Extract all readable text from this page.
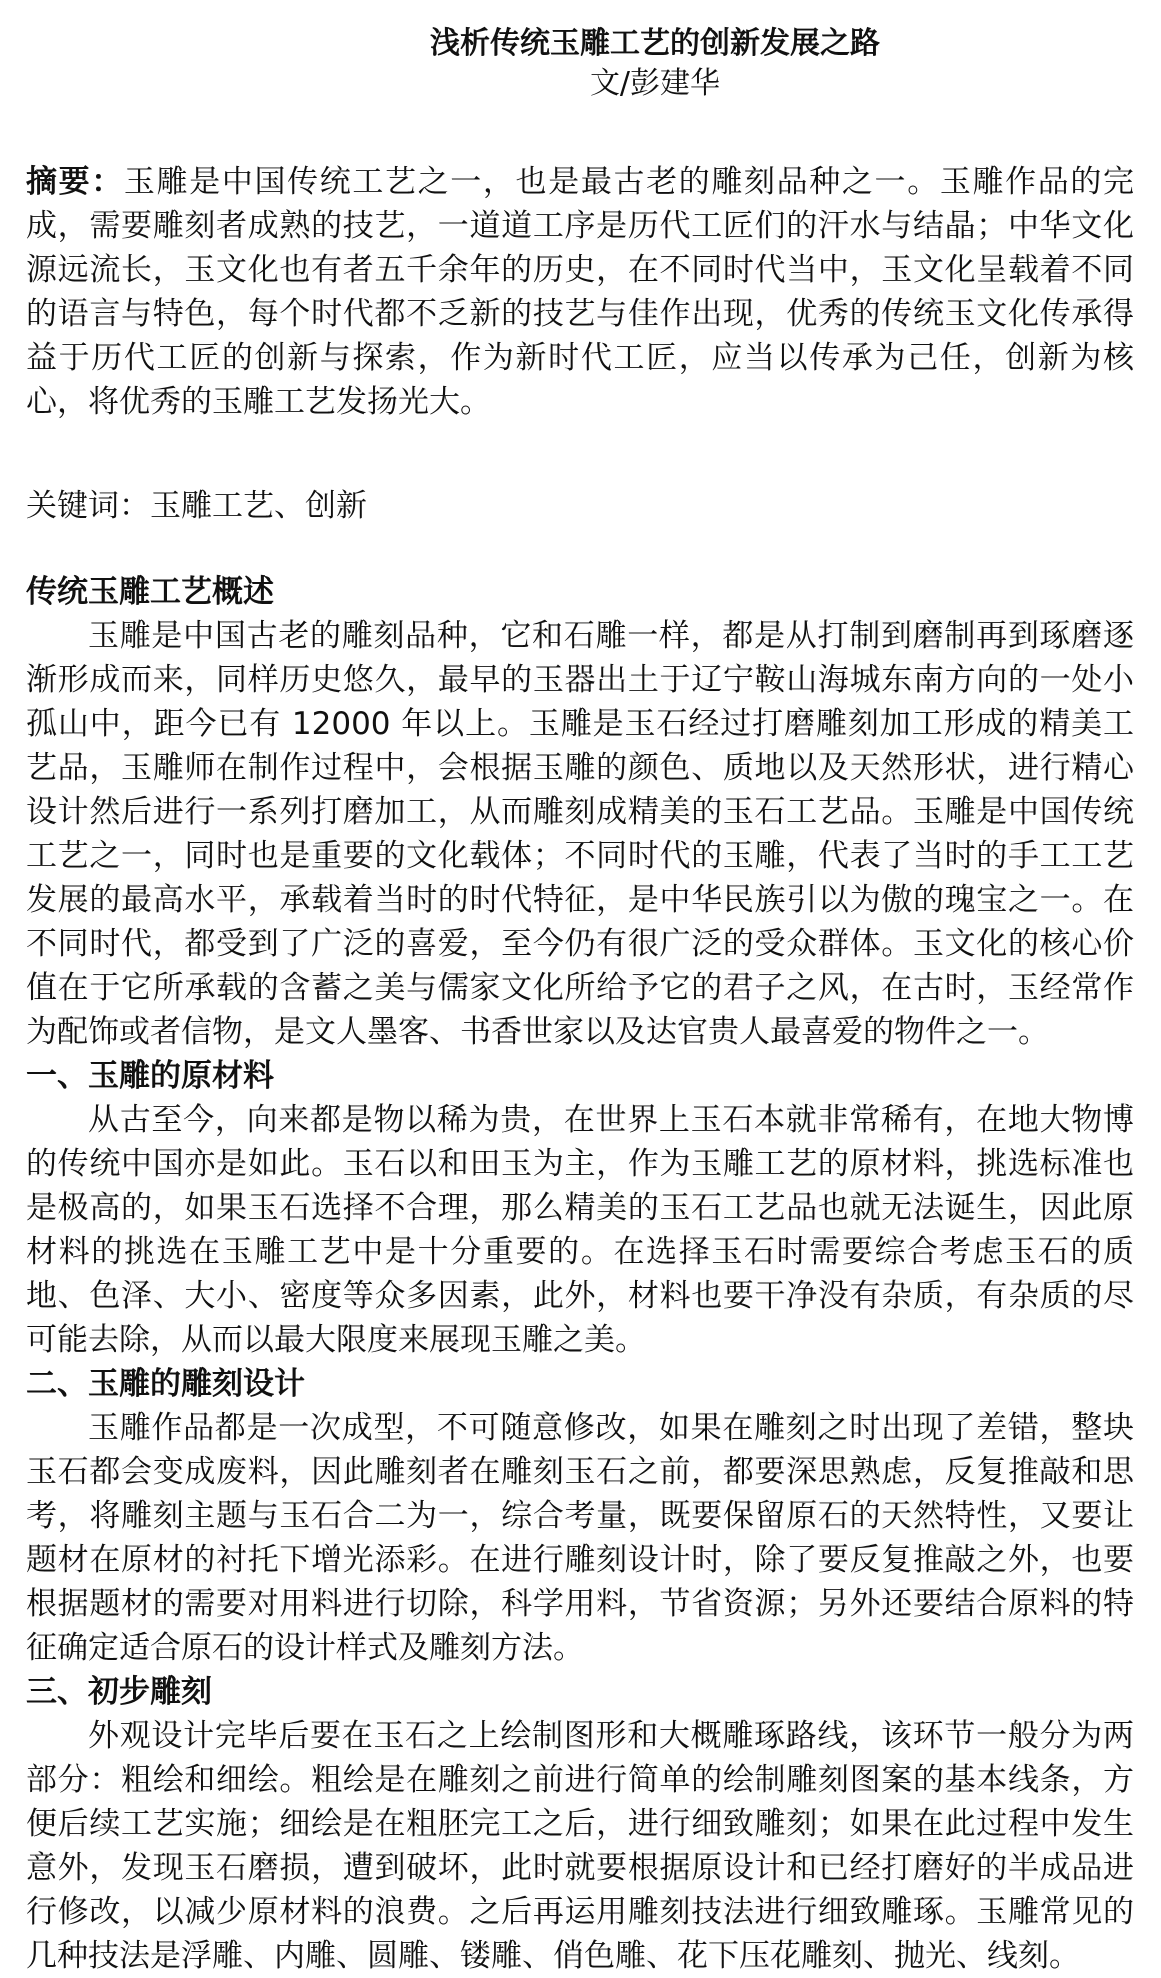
浅析传统玉雕工艺的创新发展之路
文/彭建华

摘要：玉雕是中国传统工艺之一，也是最古老的雕刻品种之一。玉雕作品的完成，需要雕刻者成熟的技艺，一道道工序是历代工匠们的汗水与结晶；中华文化源远流长，玉文化也有者五千余年的历史，在不同时代当中，玉文化呈载着不同的语言与特色，每个时代都不乏新的技艺与佳作出现，优秀的传统玉文化传承得益于历代工匠的创新与探索，作为新时代工匠，应当以传承为己任，创新为核心，将优秀的玉雕工艺发扬光大。

关键词：玉雕工艺、创新

传统玉雕工艺概述

玉雕是中国古老的雕刻品种，它和石雕一样，都是从打制到磨制再到琢磨逐渐形成而来，同样历史悠久，最早的玉器出土于辽宁鞍山海城东南方向的一处小孤山中，距今已有 12000 年以上。玉雕是玉石经过打磨雕刻加工形成的精美工艺品，玉雕师在制作过程中，会根据玉雕的颜色、质地以及天然形状，进行精心设计然后进行一系列打磨加工，从而雕刻成精美的玉石工艺品。玉雕是中国传统工艺之一，同时也是重要的文化载体；不同时代的玉雕，代表了当时的手工工艺发展的最高水平，承载着当时的时代特征，是中华民族引以为傲的瑰宝之一。在不同时代，都受到了广泛的喜爱，至今仍有很广泛的受众群体。玉文化的核心价值在于它所承载的含蓄之美与儒家文化所给予它的君子之风，在古时，玉经常作为配饰或者信物，是文人墨客、书香世家以及达官贵人最喜爱的物件之一。

一、玉雕的原材料

从古至今，向来都是物以稀为贵，在世界上玉石本就非常稀有，在地大物博的传统中国亦是如此。玉石以和田玉为主，作为玉雕工艺的原材料，挑选标准也是极高的，如果玉石选择不合理，那么精美的玉石工艺品也就无法诞生，因此原材料的挑选在玉雕工艺中是十分重要的。在选择玉石时需要综合考虑玉石的质地、色泽、大小、密度等众多因素，此外，材料也要干净没有杂质，有杂质的尽可能去除，从而以最大限度来展现玉雕之美。

二、玉雕的雕刻设计

玉雕作品都是一次成型，不可随意修改，如果在雕刻之时出现了差错，整块玉石都会变成废料，因此雕刻者在雕刻玉石之前，都要深思熟虑，反复推敲和思考，将雕刻主题与玉石合二为一，综合考量，既要保留原石的天然特性，又要让题材在原材的衬托下增光添彩。在进行雕刻设计时，除了要反复推敲之外，也要根据题材的需要对用料进行切除，科学用料，节省资源；另外还要结合原料的特征确定适合原石的设计样式及雕刻方法。

三、初步雕刻

外观设计完毕后要在玉石之上绘制图形和大概雕琢路线，该环节一般分为两部分：粗绘和细绘。粗绘是在雕刻之前进行简单的绘制雕刻图案的基本线条，方便后续工艺实施；细绘是在粗胚完工之后，进行细致雕刻；如果在此过程中发生意外，发现玉石磨损，遭到破坏，此时就要根据原设计和已经打磨好的半成品进行修改，以减少原材料的浪费。之后再运用雕刻技法进行细致雕琢。玉雕常见的几种技法是浮雕、内雕、圆雕、镂雕、俏色雕、花下压花雕刻、抛光、线刻。
